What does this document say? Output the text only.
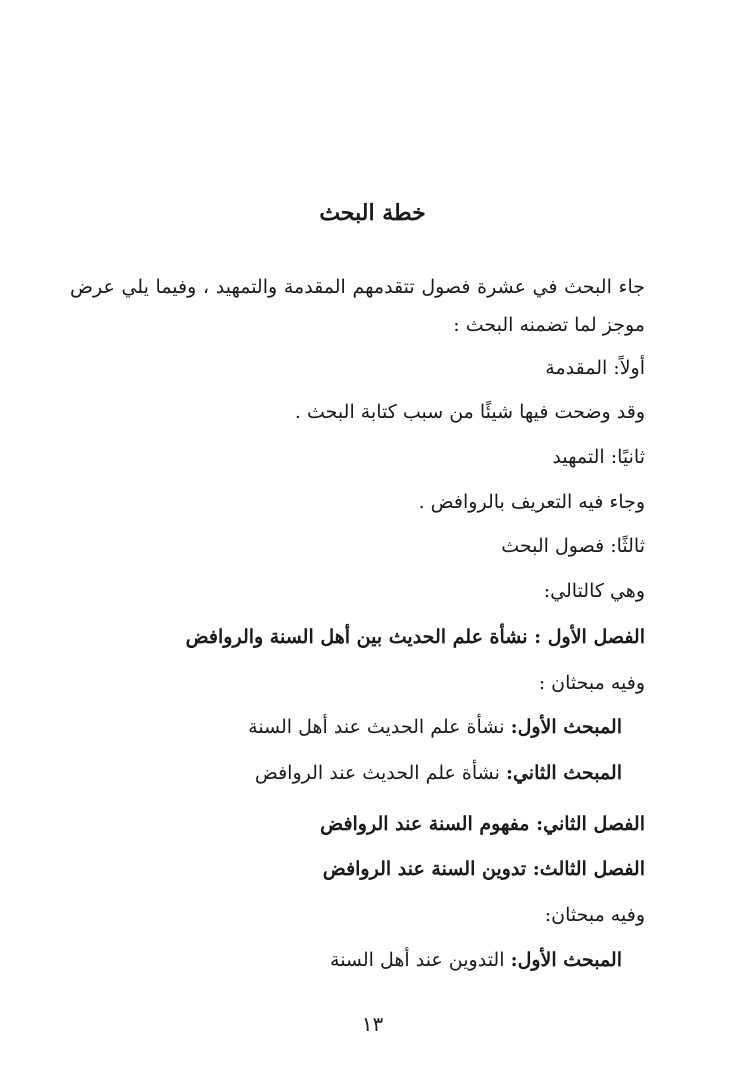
خطة البحث
جاء البحث في عشرة فصول تتقدمهم المقدمة والتمهيد ، وفيما يلي عرض موجز لما تضمنه البحث :
أولاً: المقدمة
وقد وضحت فيها شيئًا من سبب كتابة البحث .
ثانيًا: التمهيد
وجاء فيه التعريف بالروافض .
ثالثًا: فصول البحث
وهي كالتالي:
الفصل الأول : نشأة علم الحديث بين أهل السنة والروافض
وفيه مبحثان :
المبحث الأول: نشأة علم الحديث عند أهل السنة
المبحث الثاني: نشأة علم الحديث عند الروافض
الفصل الثاني: مفهوم السنة عند الروافض
الفصل الثالث: تدوين السنة عند الروافض
وفيه مبحثان:
المبحث الأول: التدوين عند أهل السنة
١٣
